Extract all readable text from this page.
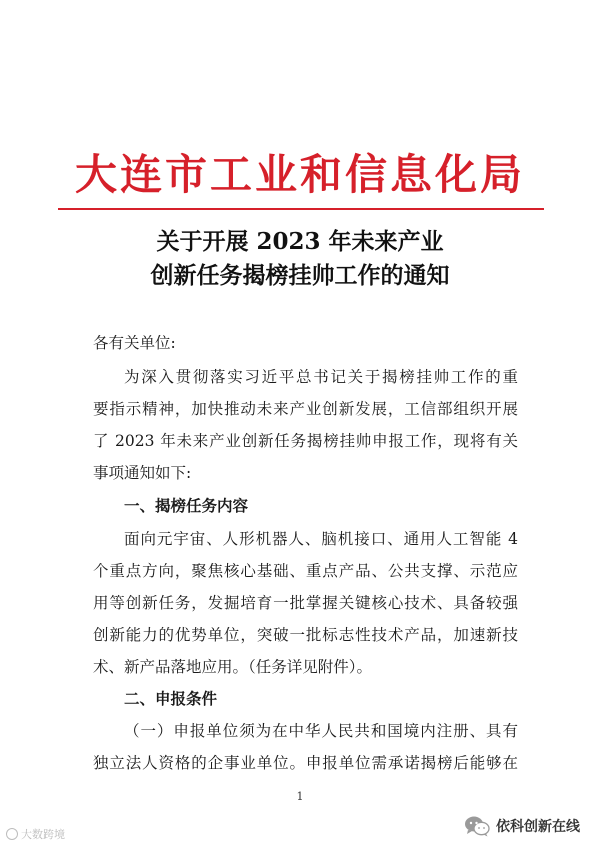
大连市工业和信息化局
关于开展 2023 年未来产业
创新任务揭榜挂帅工作的通知
各有关单位:
为深入贯彻落实习近平总书记关于揭榜挂帅工作的重
要指示精神，加快推动未来产业创新发展，工信部组织开展
了 2023 年未来产业创新任务揭榜挂帅申报工作，现将有关
事项通知如下:
一、揭榜任务内容
面向元宇宙、人形机器人、脑机接口、通用人工智能 4
个重点方向，聚焦核心基础、重点产品、公共支撑、示范应
用等创新任务，发掘培育一批掌握关键核心技术、具备较强
创新能力的优势单位，突破一批标志性技术产品，加速新技
术、新产品落地应用。（任务详见附件）。
二、申报条件
（一）申报单位须为在中华人民共和国境内注册、具有
独立法人资格的企事业单位。申报单位需承诺揭榜后能够在
1
大数跨境	依科创新在线
